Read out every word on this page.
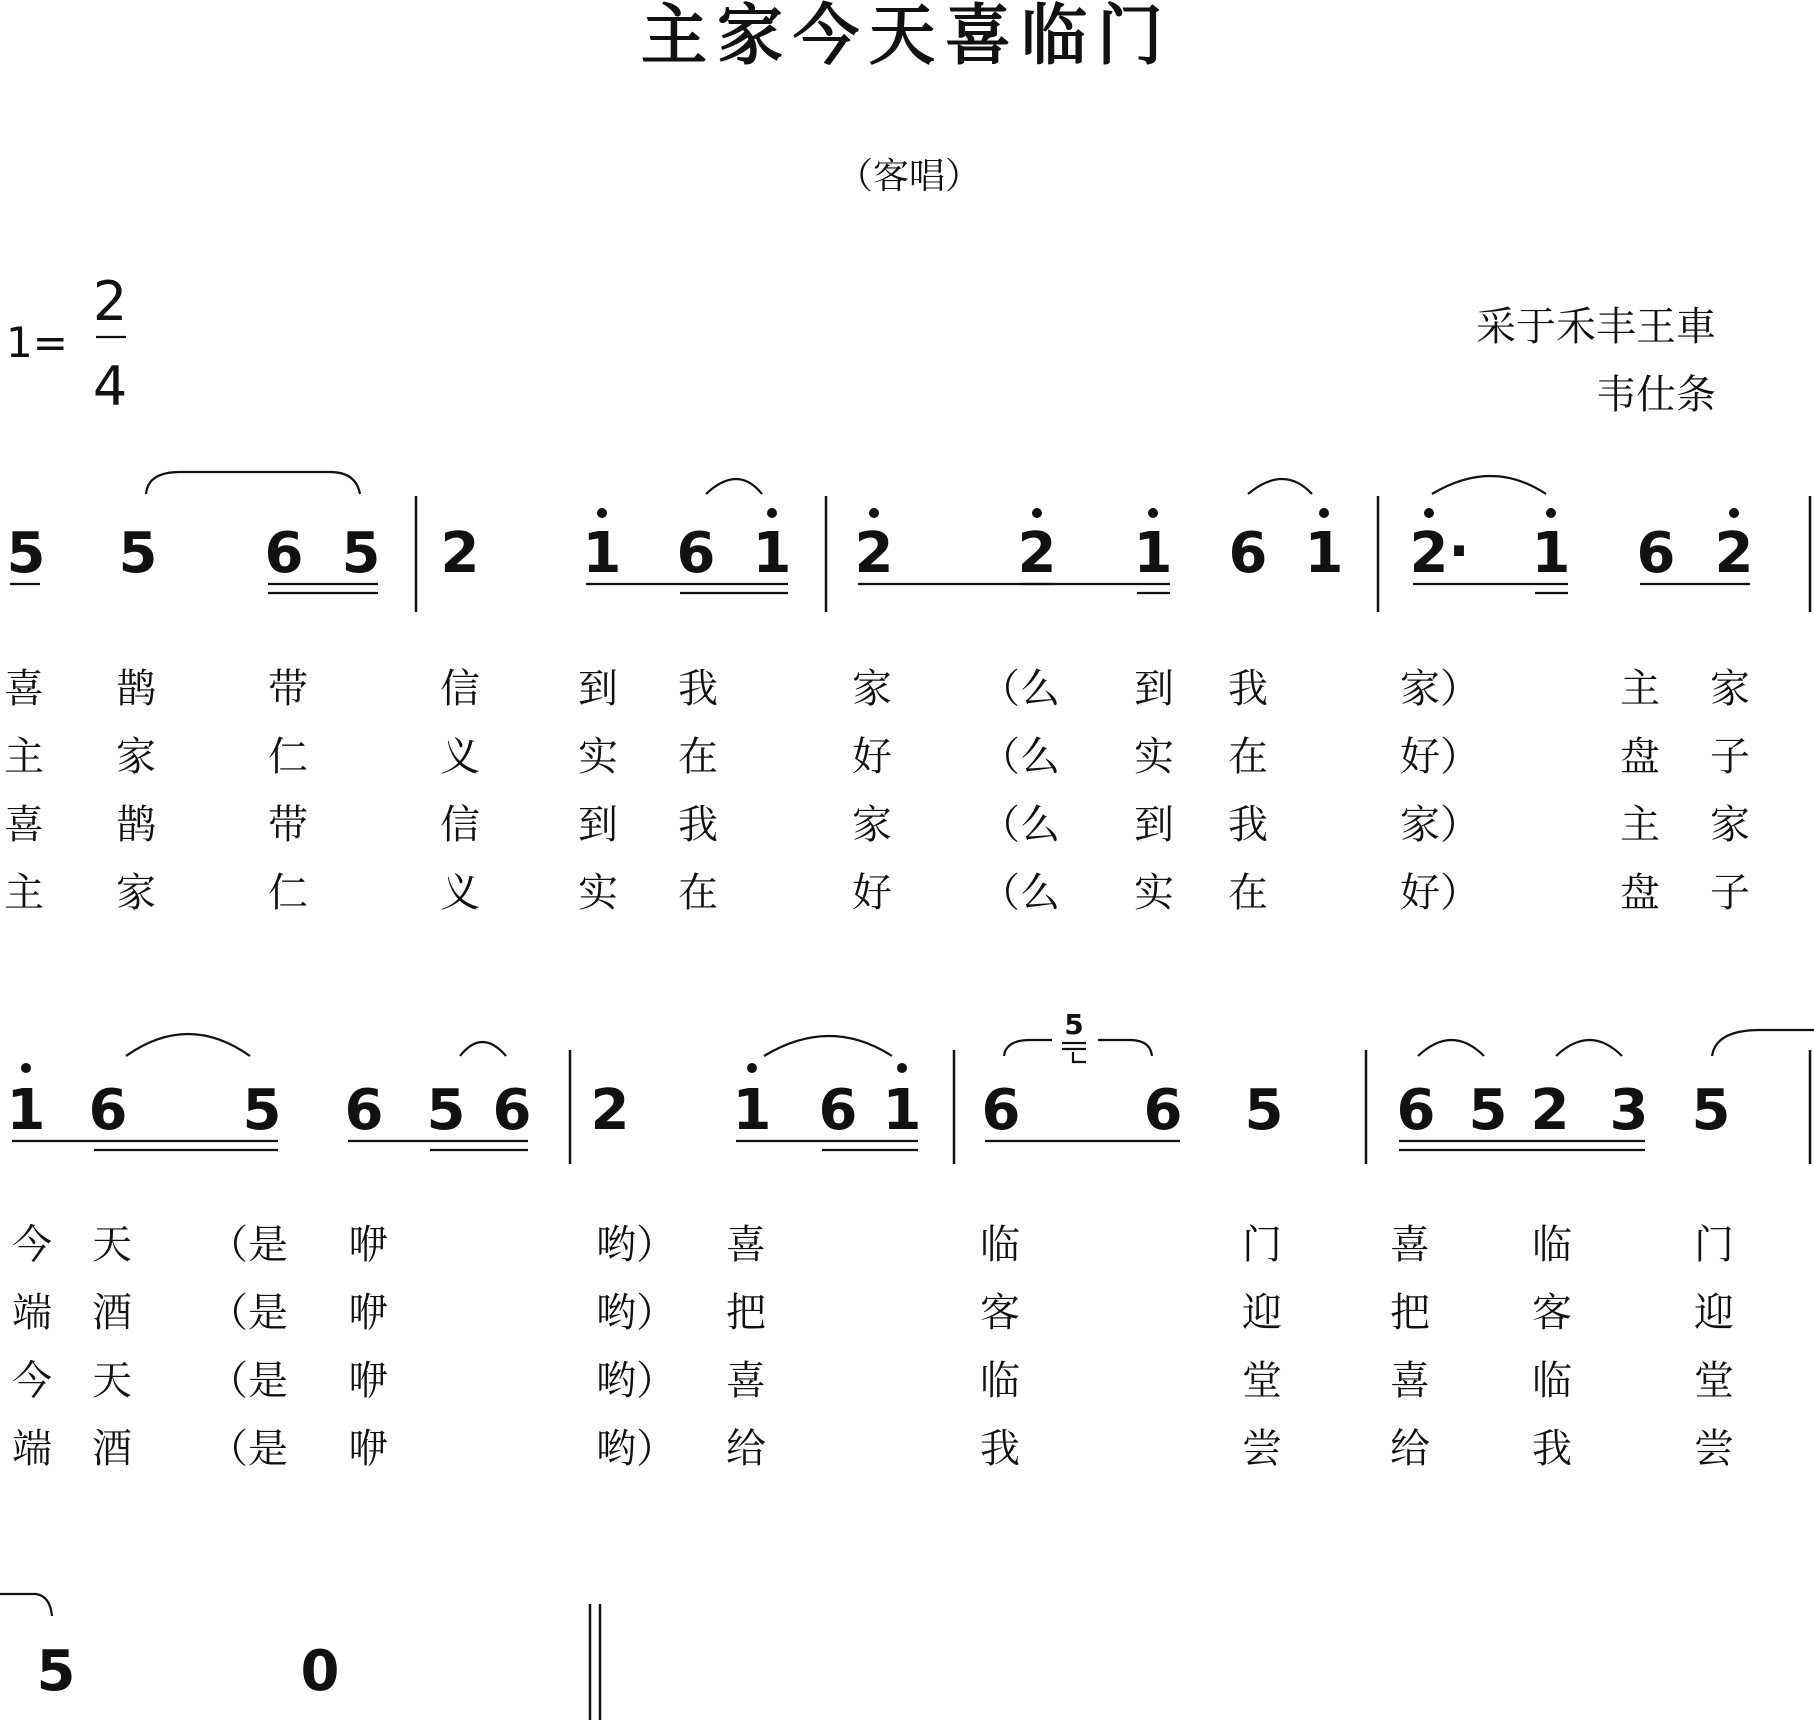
主家今天喜临门
（客唱）
采于禾丰王車
韦仕条
1=
2
4
5 5 6 5 2 1 6 1 2 2 1 6 1 2 · 1 6 2
喜 鹊	带	信 到 我	家 （么 到 我	家）	主 家
主 家	仁	义 实 在	好 （么 实 在	好）	盘 子
喜 鹊	带	信 到 我	家 （么 到 我	家）	主 家
主 家	仁	义 实 在	好 （么 实 在	好）	盘 子
1 6 5 6 5 6 2 1 6 1 6
5
6 5 6 5 2 3 5
今 天 （是 咿	哟） 喜	临	门	喜	临	门
端 酒 （是 咿	哟） 把	客	迎	把	客	迎
今 天 （是 咿	哟） 喜	临	堂	喜	临	堂
端 酒 （是 咿	哟） 给	我	尝	给	我	尝
5	0
